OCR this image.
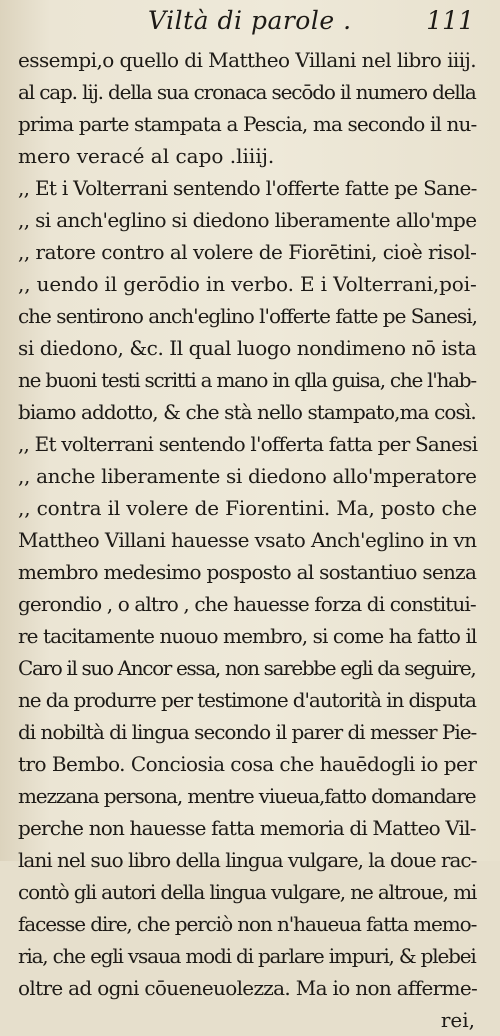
Viltà di parole .	111
essempi,o quello di Mattheo Villani nel libro iiij.
al cap. lij. della sua cronaca secōdo il numero della
prima parte stampata a Pescia, ma secondo il nu-
mero veracé al capo .liiij.
,, Et i Volterrani sentendo l'offerte fatte pe Sane-
,, si anch'eglino si diedono liberamente allo'mpe
,, ratore contro al volere de Fiorētini, cioè risol-
,, uendo il gerōdio in verbo. E i Volterrani,poi-
che sentirono anch'eglino l'offerte fatte pe Sanesi,
si diedono, &c. Il qual luogo nondimeno nō ista
ne buoni testi scritti a mano in qlla guisa, che l'hab-
biamo addotto, & che stà nello stampato,ma così.
,, Et volterrani sentendo l'offerta fatta per Sanesi
,, anche liberamente si diedono allo'mperatore
,, contra il volere de Fiorentini. Ma, posto che
Mattheo Villani hauesse vsato Anch'eglino in vn
membro medesimo posposto al sostantiuo senza
gerondio , o altro , che hauesse forza di constitui-
re tacitamente nuouo membro, si come ha fatto il
Caro il suo Ancor essa, non sarebbe egli da seguire,
ne da produrre per testimone d'autorità in disputa
di nobiltà di lingua secondo il parer di messer Pie-
tro Bembo. Conciosia cosa che hauēdogli io per
mezzana persona, mentre viueua,fatto domandare
perche non hauesse fatta memoria di Matteo Vil-
lani nel suo libro della lingua vulgare, la doue rac-
contò gli autori della lingua vulgare, ne altroue, mi
facesse dire, che perciò non n'haueua fatta memo-
ria, che egli vsaua modi di parlare impuri, & plebei
oltre ad ogni cōueneuolezza. Ma io non afferme-
rei,
